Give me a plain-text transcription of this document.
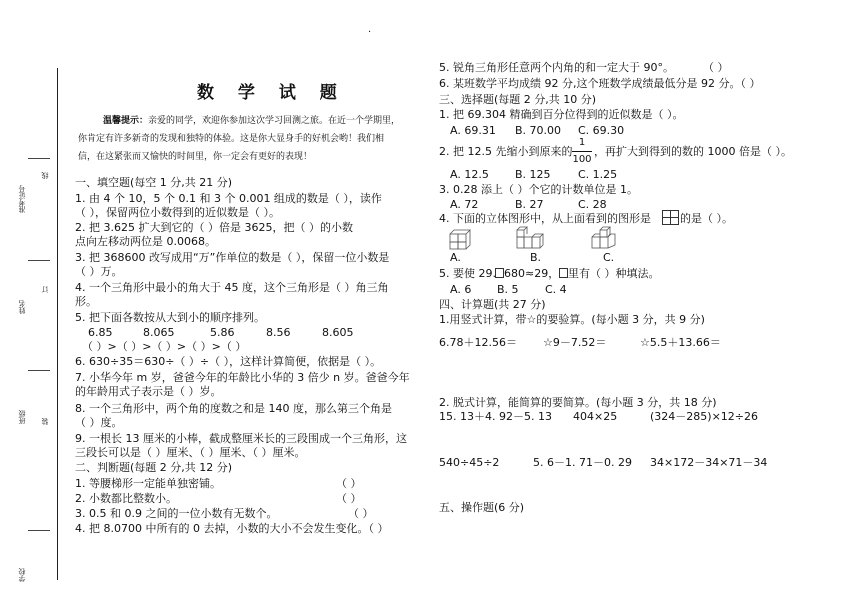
.
准考证号
线
姓名
订
班级 装
学校
数 学 试 题
温馨提示：亲爱的同学，欢迎你参加这次学习回测之旅。在近一个学期里，
你肯定有许多新奇的发现和独特的体验。这是你大显身手的好机会哟！我们相
信，在这紧张而又愉快的时间里，你一定会有更好的表现！
一、填空题(每空 1 分,共 21 分)
1. 由 4 个 10，5 个 0.1 和 3 个 0.001 组成的数是（ ），读作
（ ），保留两位小数得到的近似数是（ ）。
2. 把 3.625 扩大到它的（ ）倍是 3625，把（ ）的小数
点向左移动两位是 0.0068。
3. 把 368600 改写成用“万”作单位的数是（ ），保留一位小数是
（ ）万。
4. 一个三角形中最小的角大于 45 度，这个三角形是（ ）角三角
形。
5. 把下面各数按从大到小的顺序排列。
6.85	8.065	5.86	8.56	8.605
（ ）>（ ）>（ ）>（ ）>（ ）
6. 630÷35＝630÷（ ）÷（ ），这样计算简便，依据是（ ）。
7. 小华今年 m 岁，爸爸今年的年龄比小华的 3 倍少 n 岁。爸爸今年
的年龄用式子表示是（ ）岁。
8. 一个三角形中，两个角的度数之和是 140 度，那么第三个角是
（ ）度。
9. 一根长 13 厘米的小棒，截成整厘米长的三段围成一个三角形，这
三段长可以是（ ）厘米、（ ）厘米、（ ）厘米。
二、判断题(每题 2 分,共 12 分)
1. 等腰梯形一定能单独密铺。	（ ）
2. 小数都比整数小。	（ ）
3. 0.5 和 0.9 之间的一位小数有无数个。	（ ）
4. 把 8.0700 中所有的 0 去掉，小数的大小不会发生变化。（ ）
5. 锐角三角形任意两个内角的和一定大于 90°。	（ ）
6. 某班数学平均成绩 92 分,这个班数学成绩最低分是 92 分。（ ）
三、选择题(每题 2 分,共 10 分)
1. 把 69.304 精确到百分位得到的近似数是（ ）。
A. 69.31 B. 70.00 C. 69.30
2. 把 12.5 先缩小到原来的
1
100
，再扩大到得到的数的 1000 倍是（ ）。
A. 12.5 B. 125 C. 1.25
3. 0.28 添上（ ）个它的计数单位是 1。
A. 72	B. 27	C. 28
4. 下面的立体图形中，从上面看到的图形是	的是（ ）。
A.	B.	C.
5. 要使 29. 680≈29， 里有（ ）种填法。
A. 6 B. 5 C. 4
四、计算题(共 27 分)
1.用竖式计算，带☆的要验算。(每小题 3 分，共 9 分)
6.78＋12.56＝ ☆9－7.52＝	☆5.5＋13.66＝
2. 脱式计算，能简算的要简算。(每小题 3 分，共 18 分)
15. 13＋4. 92－5. 13 404×25	(324－285)×12÷26
540÷45÷2	5. 6－1. 71－0. 29 34×172－34×71－34
五、操作题(6 分)
